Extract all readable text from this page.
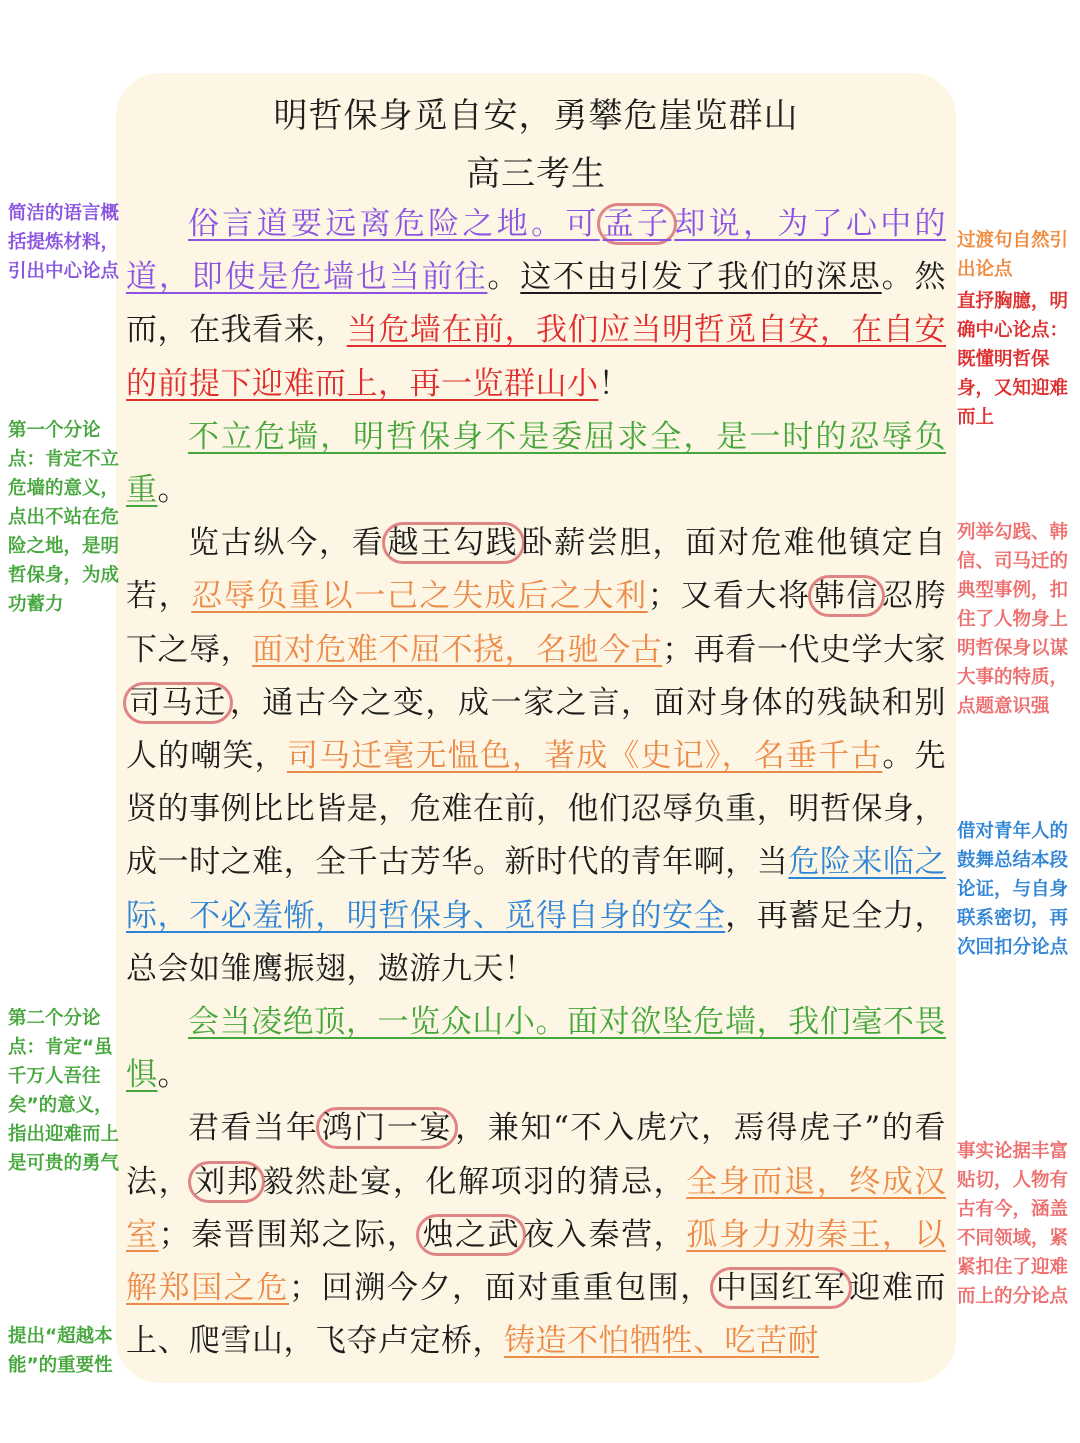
明哲保身觅自安，勇攀危崖览群山
高三考生

俗言道要远离危险之地。可孟子却说，为了心中的道，即使是危墙也当前往。这不由引发了我们的深思。然而，在我看来，当危墙在前，我们应当明哲觅自安，在自安的前提下迎难而上，再一览群山小！

不立危墙，明哲保身不是委屈求全，是一时的忍辱负重。

览古纵今，看越王勾践卧薪尝胆，面对危难他镇定自若，忍辱负重以一己之失成后之大利；又看大将韩信忍胯下之辱，面对危难不屈不挠，名驰今古；再看一代史学大家司马迁，通古今之变，成一家之言，面对身体的残缺和别人的嘲笑，司马迁毫无愠色，著成《史记》，名垂千古。先贤的事例比比皆是，危难在前，他们忍辱负重，明哲保身，成一时之难，全千古芳华。新时代的青年啊，当危险来临之际，不必羞惭，明哲保身、觅得自身的安全，再蓄足全力，总会如雏鹰振翅，遨游九天！

会当凌绝顶，一览众山小。面对欲坠危墙，我们毫不畏惧。

君看当年鸿门一宴，兼知“不入虎穴，焉得虎子”的看法，刘邦毅然赴宴，化解项羽的猜忌，全身而退，终成汉室；秦晋围郑之际，烛之武夜入秦营，孤身力劝秦王，以解郑国之危；回溯今夕，面对重重包围，中国红军迎难而上、爬雪山，飞夺卢定桥，铸造不怕牺牲、吃苦耐

简洁的语言概括提炼材料，引出中心论点
第一个分论点：肯定不立危墙的意义，点出不站在危险之地，是明哲保身，为成功蓄力
第二个分论点：肯定“虽千万人吾往矣”的意义，指出迎难而上是可贵的勇气
提出“超越本能”的重要性
过渡句自然引出论点
直抒胸臆，明确中心论点：既懂明哲保身，又知迎难而上
列举勾践、韩信、司马迁的典型事例，扣住了人物身上明哲保身以谋大事的特质，点题意识强
借对青年人的鼓舞总结本段论证，与自身联系密切，再次回扣分论点
事实论据丰富贴切，人物有古有今，涵盖不同领域，紧紧扣住了迎难而上的分论点
